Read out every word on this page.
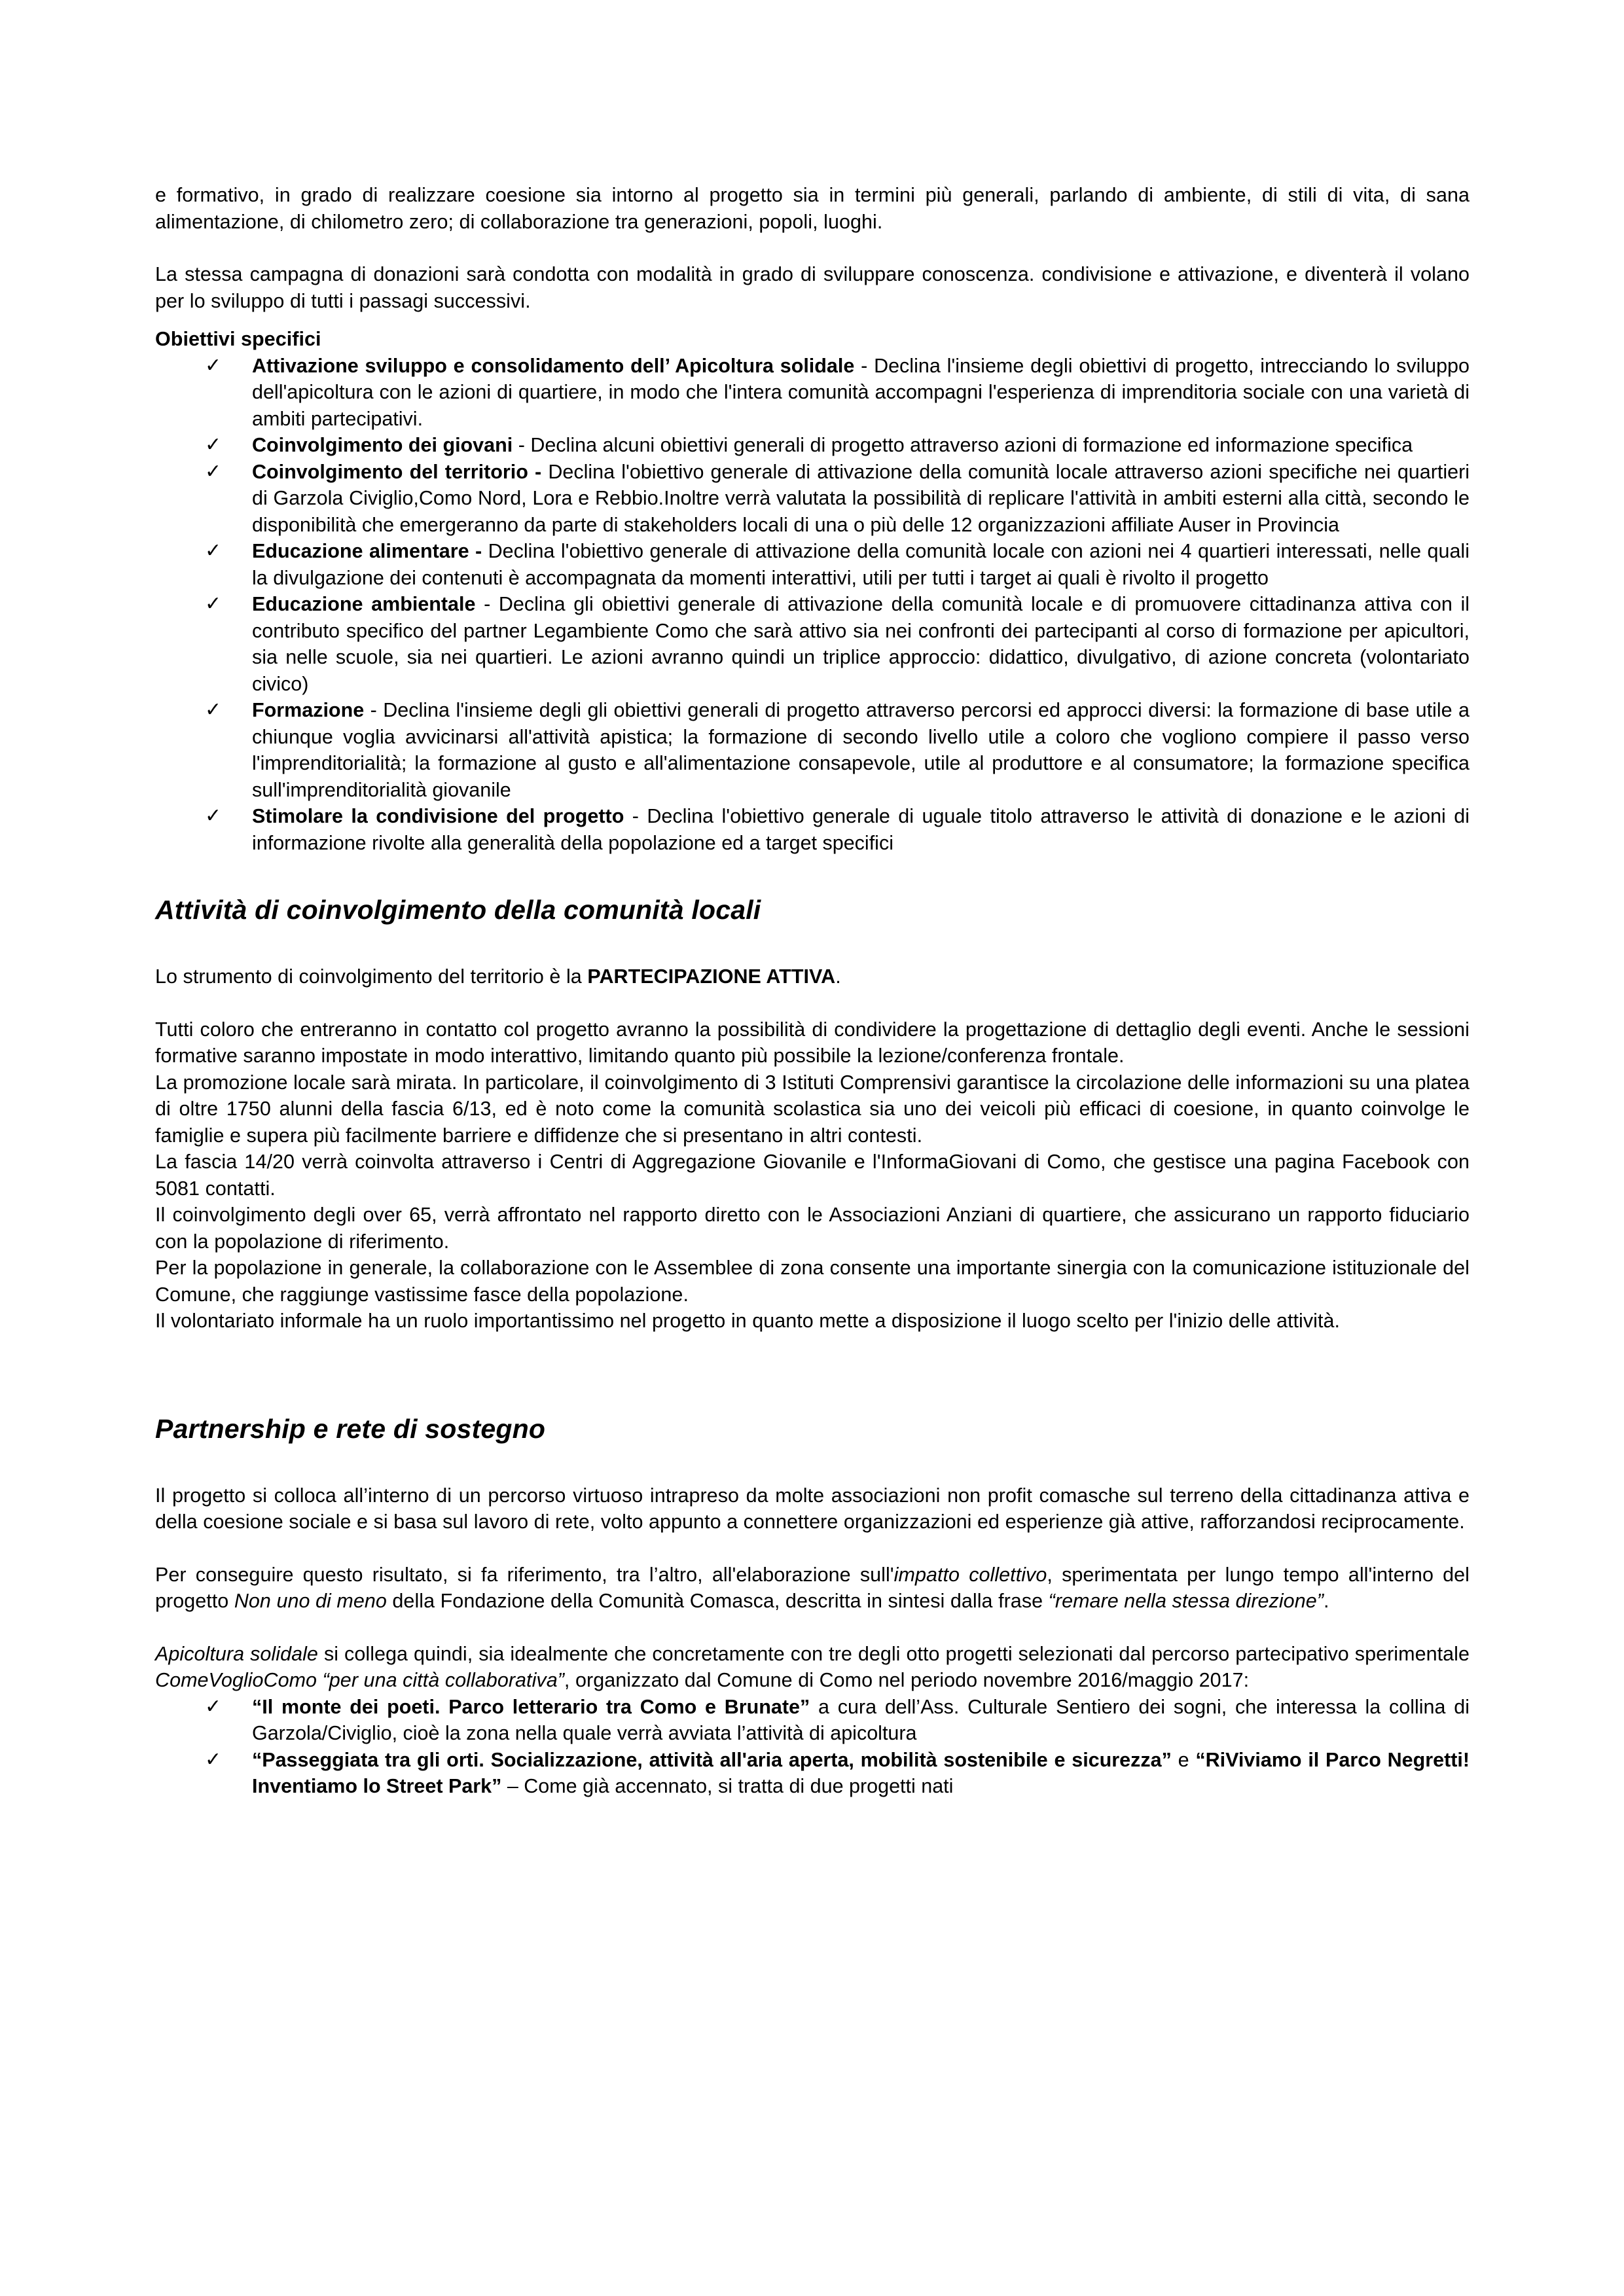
e formativo, in grado di realizzare coesione sia intorno al progetto sia in termini più generali, parlando di ambiente, di stili di vita, di sana alimentazione, di chilometro zero; di collaborazione tra generazioni, popoli, luoghi.

La stessa campagna di donazioni sarà condotta con modalità in grado di sviluppare conoscenza. condivisione e attivazione, e diventerà il volano per lo sviluppo di tutti i passagi successivi.

Obiettivi specifici

✓ Attivazione sviluppo e consolidamento dell’ Apicoltura solidale - Declina l'insieme degli obiettivi di progetto, intrecciando lo sviluppo dell'apicoltura con le azioni di quartiere, in modo che l'intera comunità accompagni l'esperienza di imprenditoria sociale con una varietà di ambiti partecipativi.
✓ Coinvolgimento dei giovani - Declina alcuni obiettivi generali di progetto attraverso azioni di formazione ed informazione specifica
✓ Coinvolgimento del territorio - Declina l'obiettivo generale di attivazione della comunità locale attraverso azioni specifiche nei quartieri di Garzola Civiglio,Como Nord, Lora e Rebbio.Inoltre verrà valutata la possibilità di replicare l'attività in ambiti esterni alla città, secondo le disponibilità che emergeranno da parte di stakeholders locali di una o più delle 12 organizzazioni affiliate Auser in Provincia
✓ Educazione alimentare - Declina l'obiettivo generale di attivazione della comunità locale con azioni nei 4 quartieri interessati, nelle quali la divulgazione dei contenuti è accompagnata da momenti interattivi, utili per tutti i target ai quali è rivolto il progetto
✓ Educazione ambientale - Declina gli obiettivi generale di attivazione della comunità locale e di promuovere cittadinanza attiva con il contributo specifico del partner Legambiente Como che sarà attivo sia nei confronti dei partecipanti al corso di formazione per apicultori, sia nelle scuole, sia nei quartieri. Le azioni avranno quindi un triplice approccio: didattico, divulgativo, di azione concreta (volontariato civico)
✓ Formazione - Declina l'insieme degli gli obiettivi generali di progetto attraverso percorsi ed approcci diversi: la formazione di base utile a chiunque voglia avvicinarsi all'attività apistica; la formazione di secondo livello utile a coloro che vogliono compiere il passo verso l'imprenditorialità; la formazione al gusto e all'alimentazione consapevole, utile al produttore e al consumatore; la formazione specifica sull'imprenditorialità giovanile
✓ Stimolare la condivisione del progetto - Declina l'obiettivo generale di uguale titolo attraverso le attività di donazione e le azioni di informazione rivolte alla generalità della popolazione ed a target specifici
Attività di coinvolgimento della comunità locali

Lo strumento di coinvolgimento del territorio è la PARTECIPAZIONE ATTIVA.

Tutti coloro che entreranno in contatto col progetto avranno la possibilità di condividere la progettazione di dettaglio degli eventi. Anche le sessioni formative saranno impostate in modo interattivo, limitando quanto più possibile la lezione/conferenza frontale.

La promozione locale sarà mirata. In particolare, il coinvolgimento di 3 Istituti Comprensivi garantisce la circolazione delle informazioni su una platea di oltre 1750 alunni della fascia 6/13, ed è noto come la comunità scolastica sia uno dei veicoli più efficaci di coesione, in quanto coinvolge le famiglie e supera più facilmente barriere e diffidenze che si presentano in altri contesti.

La fascia 14/20 verrà coinvolta attraverso i Centri di Aggregazione Giovanile e l'InformaGiovani di Como, che gestisce una pagina Facebook con 5081 contatti.

Il coinvolgimento degli over 65, verrà affrontato nel rapporto diretto con le Associazioni Anziani di quartiere, che assicurano un rapporto fiduciario con la popolazione di riferimento.

Per la popolazione in generale, la collaborazione con le Assemblee di zona consente una importante sinergia con la comunicazione istituzionale del Comune, che raggiunge vastissime fasce della popolazione.

Il volontariato informale ha un ruolo importantissimo nel progetto in quanto mette a disposizione il luogo scelto per l'inizio delle attività.

Partnership e rete di sostegno

Il progetto si colloca all’interno di un percorso virtuoso intrapreso da molte associazioni non profit comasche sul terreno della cittadinanza attiva e della coesione sociale e si basa sul lavoro di rete, volto appunto a connettere organizzazioni ed esperienze già attive, rafforzandosi reciprocamente.

Per conseguire questo risultato, si fa riferimento, tra l’altro, all'elaborazione sull'impatto collettivo, sperimentata per lungo tempo all'interno del progetto Non uno di meno della Fondazione della Comunità Comasca, descritta in sintesi dalla frase “remare nella stessa direzione”.

Apicoltura solidale si collega quindi, sia idealmente che concretamente con tre degli otto progetti selezionati dal percorso partecipativo sperimentale ComeVoglioComo “per una città collaborativa”, organizzato dal Comune di Como nel periodo novembre 2016/maggio 2017:

✓ “Il monte dei poeti. Parco letterario tra Como e Brunate” a cura dell’Ass. Culturale Sentiero dei sogni, che interessa la collina di Garzola/Civiglio, cioè la zona nella quale verrà avviata l’attività di apicoltura
✓ “Passeggiata tra gli orti. Socializzazione, attività all'aria aperta, mobilità sostenibile e sicurezza” e “RiViviamo il Parco Negretti! Inventiamo lo Street Park” – Come già accennato, si tratta di due progetti nati
